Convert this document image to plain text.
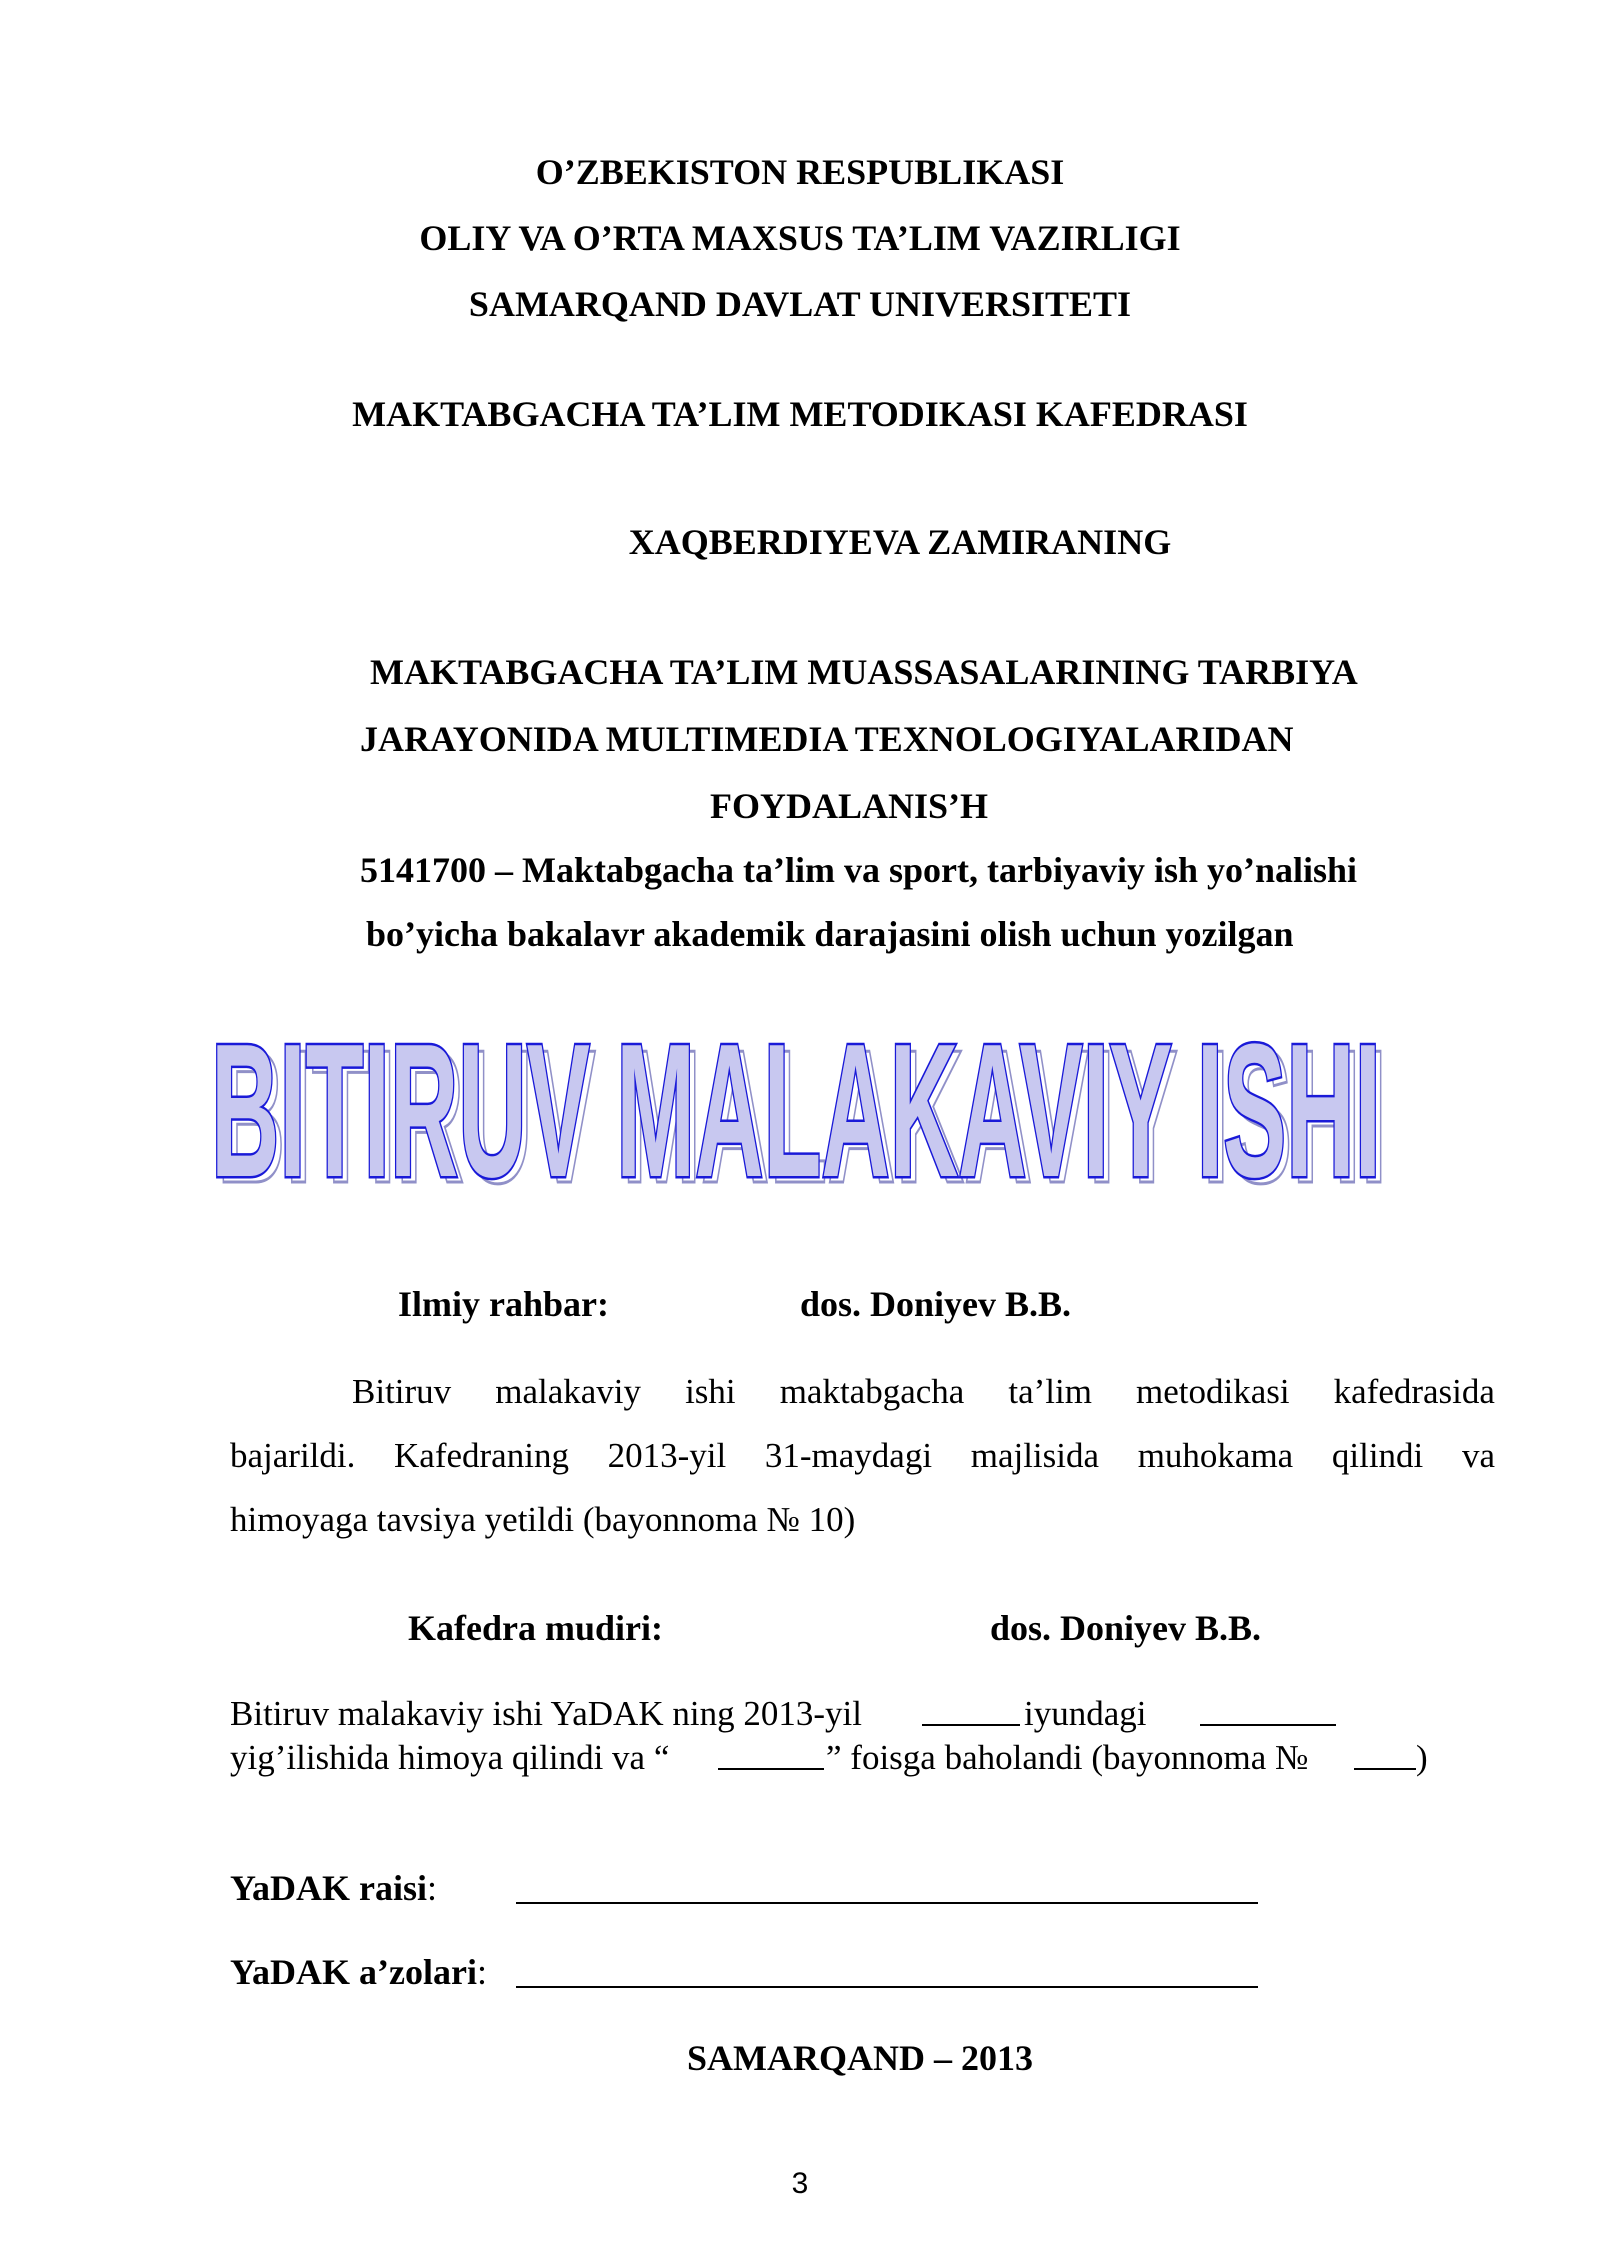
O’ZBEKISTON RESPUBLIKASI
OLIY VA O’RTA MAXSUS TA’LIM VAZIRLIGI
SAMARQAND DAVLAT UNIVERSITETI
MAKTABGACHA TA’LIM METODIKASI KAFEDRASI
XAQBERDIYEVA ZAMIRANING
MAKTABGACHA TA’LIM MUASSASALARINING TARBIYA
JARAYONIDA MULTIMEDIA TEXNOLOGIYALARIDAN
FOYDALANIS’H
5141700 – Maktabgacha ta’lim va sport, tarbiyaviy ish yo’nalishi
bo’yicha bakalavr akademik darajasini olish uchun yozilgan
BITIRUV MALAKAVIY ISHI
BITIRUV MALAKAVIY ISHI
Ilmiy rahbar:	dos. Doniyev B.B.
Bitiruv malakaviy ishi maktabgacha ta’lim metodikasi kafedrasida
bajarildi. Kafedraning 2013-yil 31-maydagi majlisida muhokama qilindi va
himoyaga tavsiya yetildi (bayonnoma № 10)
Kafedra mudiri:	dos. Doniyev B.B.
Bitiruv malakaviy ishi YaDAK ning 2013-yil	iyundagi
yig’ilishida himoya qilindi va “	” foisga baholandi (bayonnoma №	)
YaDAK raisi:
YaDAK a’zolari:
SAMARQAND – 2013
3
